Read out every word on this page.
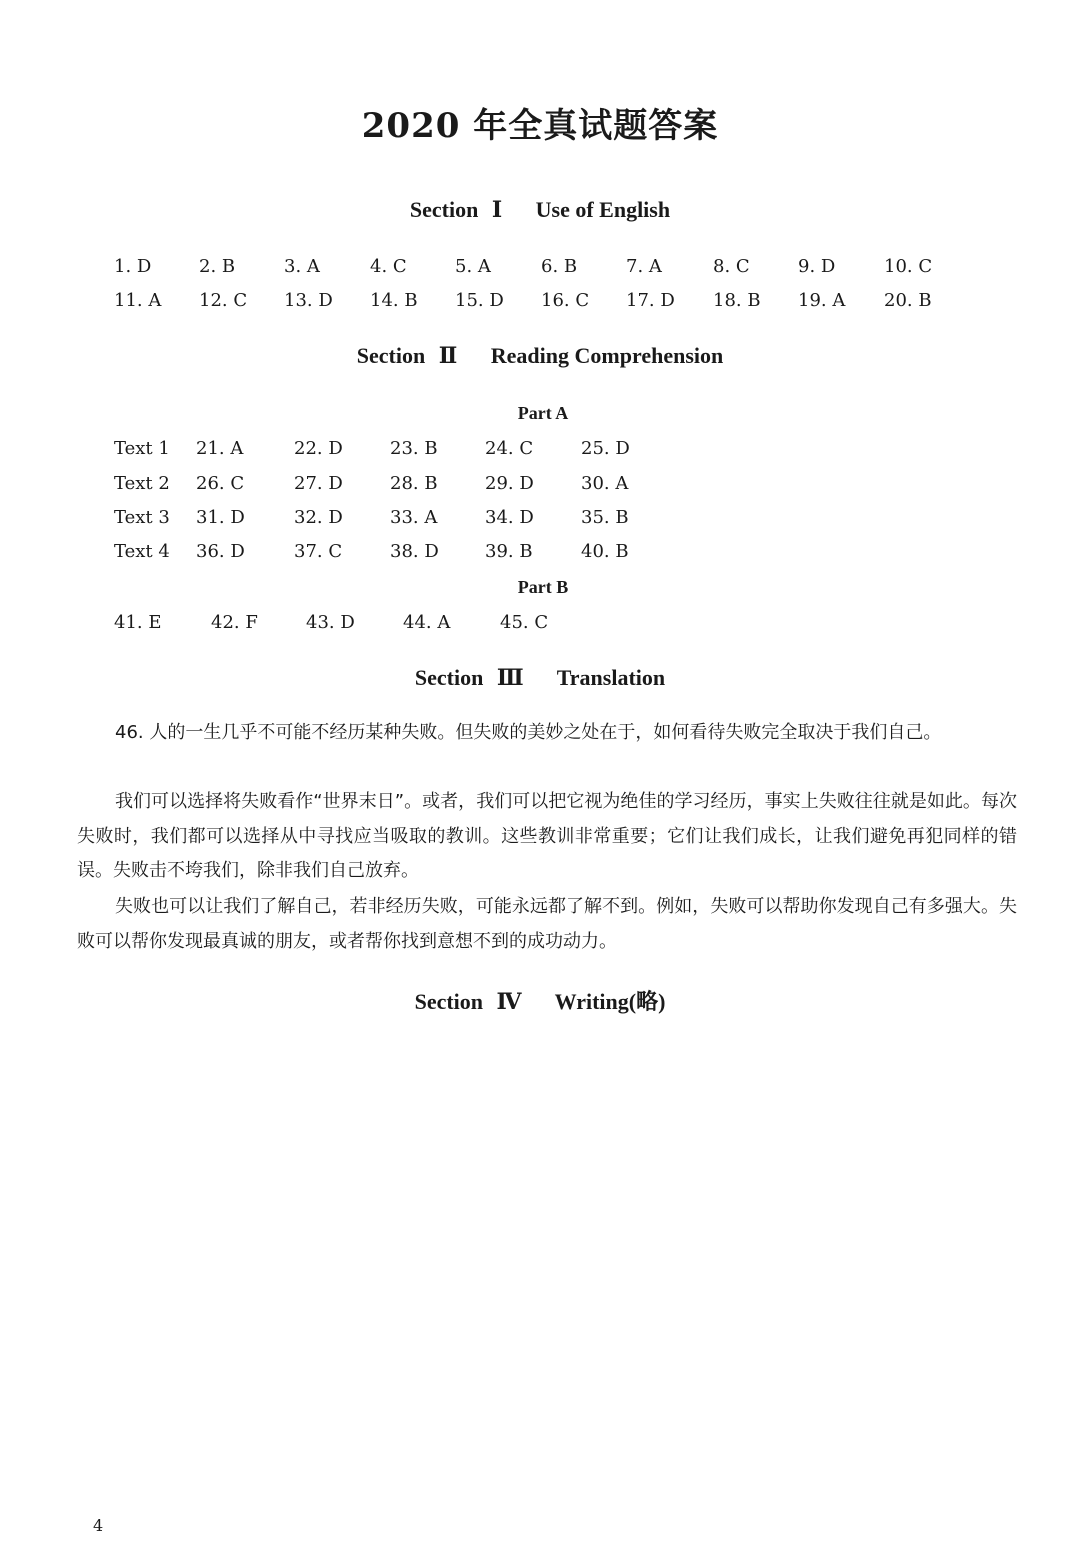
2020 年全真试题答案
Section Ⅰ Use of English
1. D	2. B	3. A	4. C	5. A	6. B	7. A	8. C	9. D	10. C
11. A 12. C 13. D 14. B 15. D 16. C 17. D 18. B 19. A 20. B
Section Ⅱ Reading Comprehension
Part A
Text 1 21. A	22. D	23. B	24. C	25. D
Text 2 26. C	27. D	28. B	29. D	30. A
Text 3 31. D	32. D	33. A	34. D	35. B
Text 4 36. D	37. C	38. D	39. B	40. B
Part B
41. E	42. F	43. D	44. A	45. C
Section Ⅲ Translation

46. 人的一生几乎不可能不经历某种失败。但失败的美妙之处在于，如何看待失败完全取决于我们自己。

我们可以选择将失败看作“世界末日”。或者，我们可以把它视为绝佳的学习经历，事实上失败往往就是如此。每次失败时，我们都可以选择从中寻找应当吸取的教训。这些教训非常重要；它们让我们成长，让我们避免再犯同样的错误。失败击不垮我们，除非我们自己放弃。

失败也可以让我们了解自己，若非经历失败，可能永远都了解不到。例如，失败可以帮助你发现自己有多强大。失败可以帮你发现最真诚的朋友，或者帮你找到意想不到的成功动力。

Section Ⅳ Writing(略)
4
